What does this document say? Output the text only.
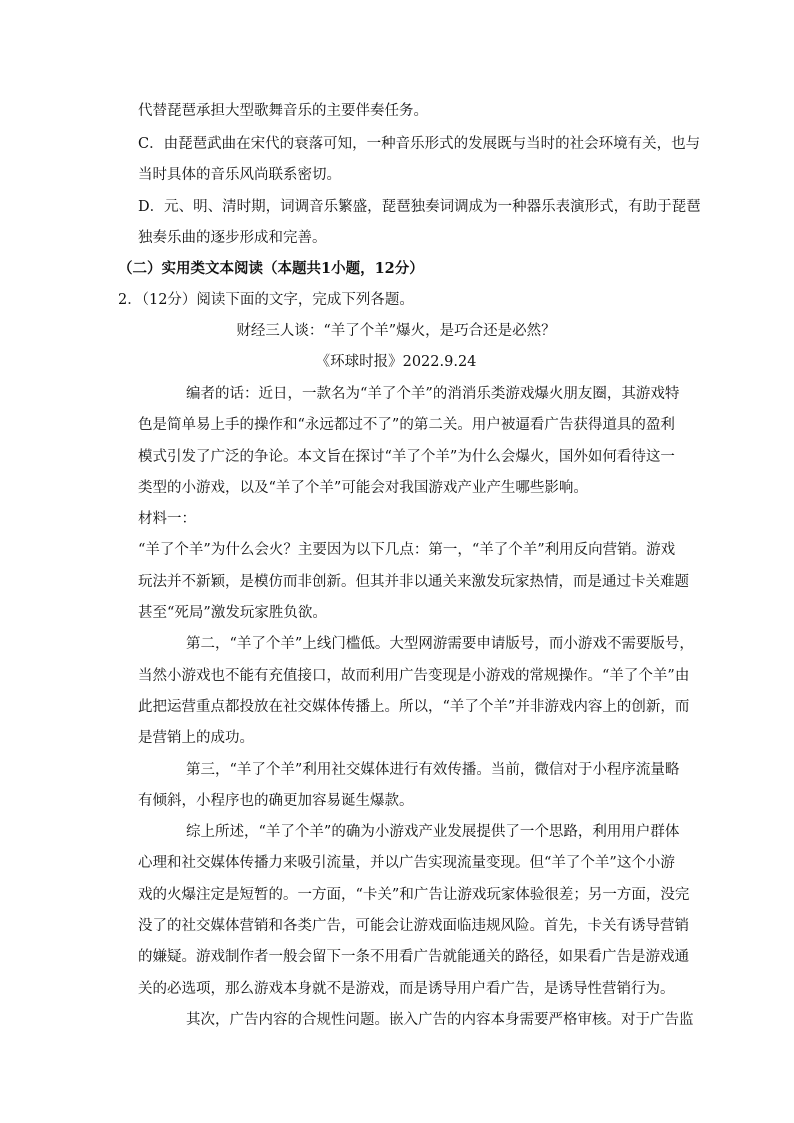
代替琵琶承担大型歌舞音乐的主要伴奏任务。
C．由琵琶武曲在宋代的衰落可知，一种音乐形式的发展既与当时的社会环境有关，也与
当时具体的音乐风尚联系密切。
D．元、明、清时期，词调音乐繁盛，琵琶独奏词调成为一种器乐表演形式，有助于琵琶
独奏乐曲的逐步形成和完善。
（二）实用类文本阅读（本题共1小题，12分）
2．（12分）阅读下面的文字，完成下列各题。
财经三人谈：“羊了个羊”爆火，是巧合还是必然？
《环球时报》2022.9.24
编者的话：近日，一款名为“羊了个羊”的消消乐类游戏爆火朋友圈，其游戏特
色是简单易上手的操作和“永远都过不了”的第二关。用户被逼看广告获得道具的盈利
模式引发了广泛的争论。本文旨在探讨“羊了个羊”为什么会爆火，国外如何看待这一
类型的小游戏，以及“羊了个羊”可能会对我国游戏产业产生哪些影响。
材料一：
“羊了个羊”为什么会火？主要因为以下几点：第一，“羊了个羊”利用反向营销。游戏
玩法并不新颖，是模仿而非创新。但其并非以通关来激发玩家热情，而是通过卡关难题
甚至“死局”激发玩家胜负欲。
第二，“羊了个羊”上线门槛低。大型网游需要申请版号，而小游戏不需要版号，
当然小游戏也不能有充值接口，故而利用广告变现是小游戏的常规操作。“羊了个羊”由
此把运营重点都投放在社交媒体传播上。所以，“羊了个羊”并非游戏内容上的创新，而
是营销上的成功。
第三，“羊了个羊”利用社交媒体进行有效传播。当前，微信对于小程序流量略
有倾斜，小程序也的确更加容易诞生爆款。
综上所述，“羊了个羊”的确为小游戏产业发展提供了一个思路，利用用户群体
心理和社交媒体传播力来吸引流量，并以广告实现流量变现。但“羊了个羊”这个小游
戏的火爆注定是短暂的。一方面，“卡关”和广告让游戏玩家体验很差；另一方面，没完
没了的社交媒体营销和各类广告，可能会让游戏面临违规风险。首先，卡关有诱导营销
的嫌疑。游戏制作者一般会留下一条不用看广告就能通关的路径，如果看广告是游戏通
关的必选项，那么游戏本身就不是游戏，而是诱导用户看广告，是诱导性营销行为。
其次，广告内容的合规性问题。嵌入广告的内容本身需要严格审核。对于广告监
